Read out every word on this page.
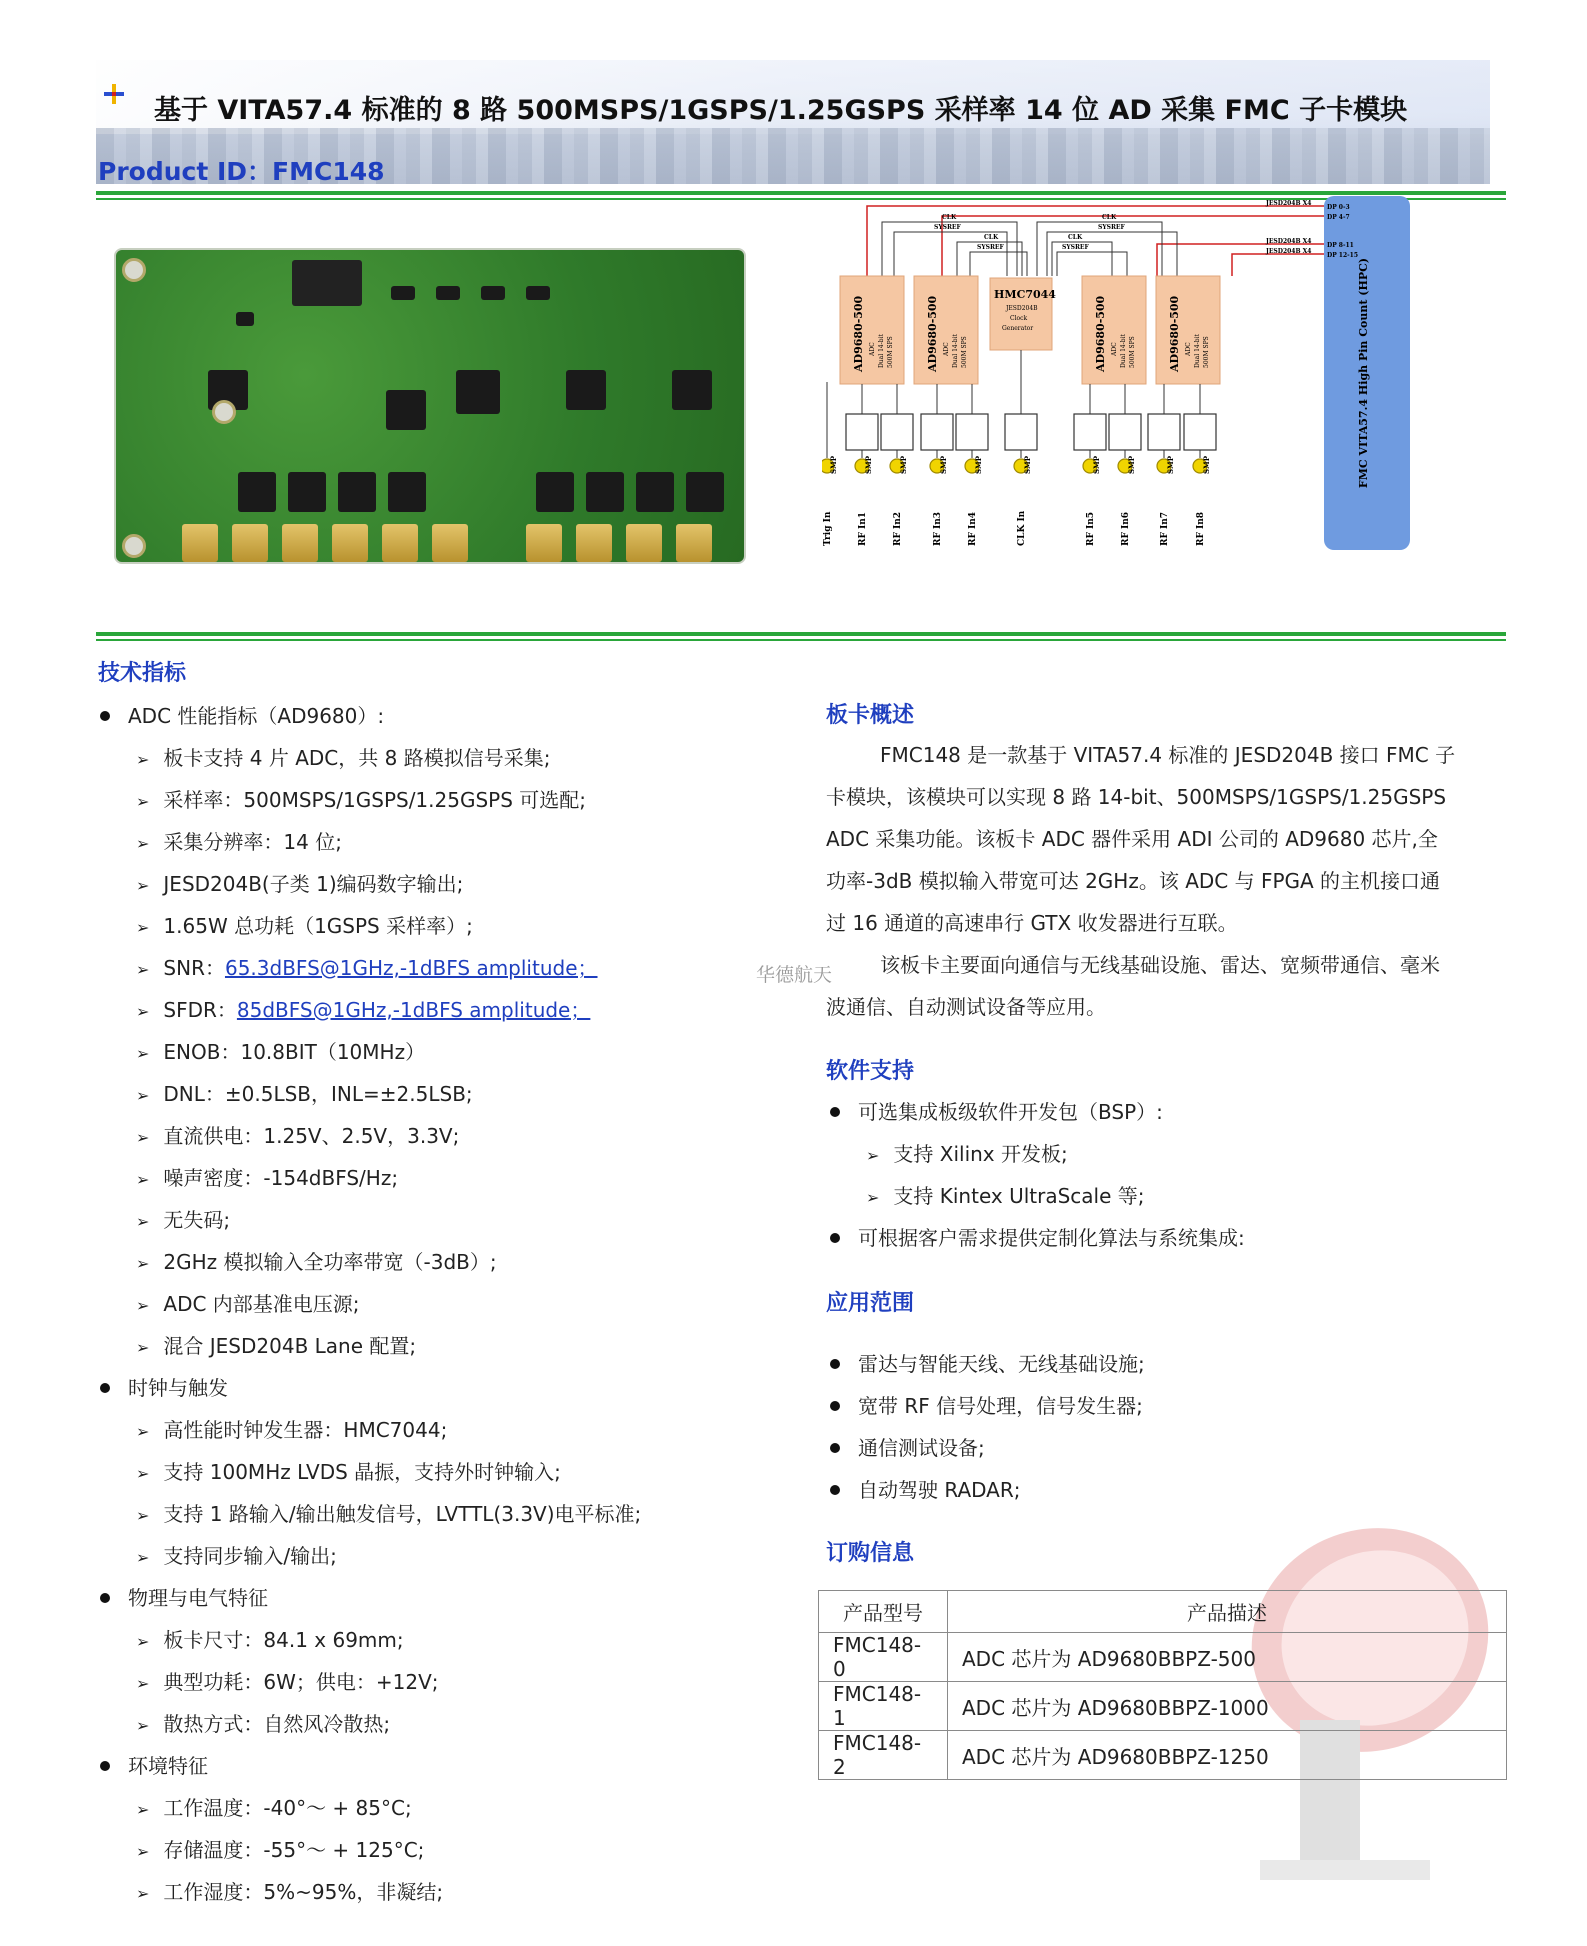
基于 VITA57.4 标准的 8 路 500MSPS/1GSPS/1.25GSPS 采样率 14 位 AD 采集 FMC 子卡模块
Product ID：FMC148
FMC VITA57.4 High Pin Count (HPC)
JESD204B X4
DP 0-3
DP 4-7
JESD204B X4
JESD204B X4
DP 8-11
DP 12-15
CLK
SYSREF
CLK
SYSREF
CLK
SYSREF
CLK
SYSREF
AD9680-500	AD9680-500	AD9680-500	AD9680-500
HMC7044
ADC Dual 14-bit 500M SPS	ADC Dual 14-bit 500M SPS	ADC Dual 14-bit 500M SPS	ADC Dual 14-bit 500M SPS
JESD204B
Clock
Generator
SMP	SMP	SMP	SMP	SMP	SMP	SMP	SMP	SMP	SMP
Trig In	RF In1	RF In2	RF In3	RF In4	CLK In	RF In5	RF In6	RF In7	RF In8
技术指标
ADC 性能指标（AD9680）:
➢ 板卡支持 4 片 ADC，共 8 路模拟信号采集;
➢ 采样率：500MSPS/1GSPS/1.25GSPS 可选配;
➢ 采集分辨率：14 位;
➢ JESD204B(子类 1)编码数字输出;
➢ 1.65W 总功耗（1GSPS 采样率）;
➢ SNR：65.3dBFS@1GHz,-1dBFS amplitude；
➢ SFDR：85dBFS@1GHz,-1dBFS amplitude；
➢ ENOB：10.8BIT（10MHz）
➢ DNL：±0.5LSB，INL=±2.5LSB;
➢ 直流供电：1.25V、2.5V，3.3V;
➢ 噪声密度：-154dBFS/Hz;
➢ 无失码;
➢ 2GHz 模拟输入全功率带宽（-3dB）;
➢ ADC 内部基准电压源;
➢ 混合 JESD204B Lane 配置;
时钟与触发
➢ 高性能时钟发生器：HMC7044;
➢ 支持 100MHz LVDS 晶振，支持外时钟输入;
➢ 支持 1 路输入/输出触发信号，LVTTL(3.3V)电平标准;
➢ 支持同步输入/输出;
物理与电气特征
➢ 板卡尺寸：84.1 x 69mm;
➢ 典型功耗：6W；供电：+12V;
➢ 散热方式：自然风冷散热;
环境特征
➢ 工作温度：-40°～ + 85°C;
➢ 存储温度：-55°～ + 125°C;
➢ 工作湿度：5%~95%，非凝结;
华德航天
板卡概述
FMC148 是一款基于 VITA57.4 标准的 JESD204B 接口 FMC 子
卡模块，该模块可以实现 8 路 14-bit、500MSPS/1GSPS/1.25GSPS
ADC 采集功能。该板卡 ADC 器件采用 ADI 公司的 AD9680 芯片,全
功率-3dB 模拟输入带宽可达 2GHz。该 ADC 与 FPGA 的主机接口通
过 16 通道的高速串行 GTX 收发器进行互联。
该板卡主要面向通信与无线基础设施、雷达、宽频带通信、毫米
波通信、自动测试设备等应用。
软件支持
可选集成板级软件开发包（BSP）:
➢ 支持 Xilinx 开发板;
➢ 支持 Kintex UltraScale 等;
可根据客户需求提供定制化算法与系统集成:
应用范围
雷达与智能天线、无线基础设施;
宽带 RF 信号处理，信号发生器;
通信测试设备;
自动驾驶 RADAR;
订购信息
产品型号	产品描述
FMC148-0	ADC 芯片为 AD9680BBPZ-500
FMC148-1	ADC 芯片为 AD9680BBPZ-1000
FMC148-2	ADC 芯片为 AD9680BBPZ-1250
